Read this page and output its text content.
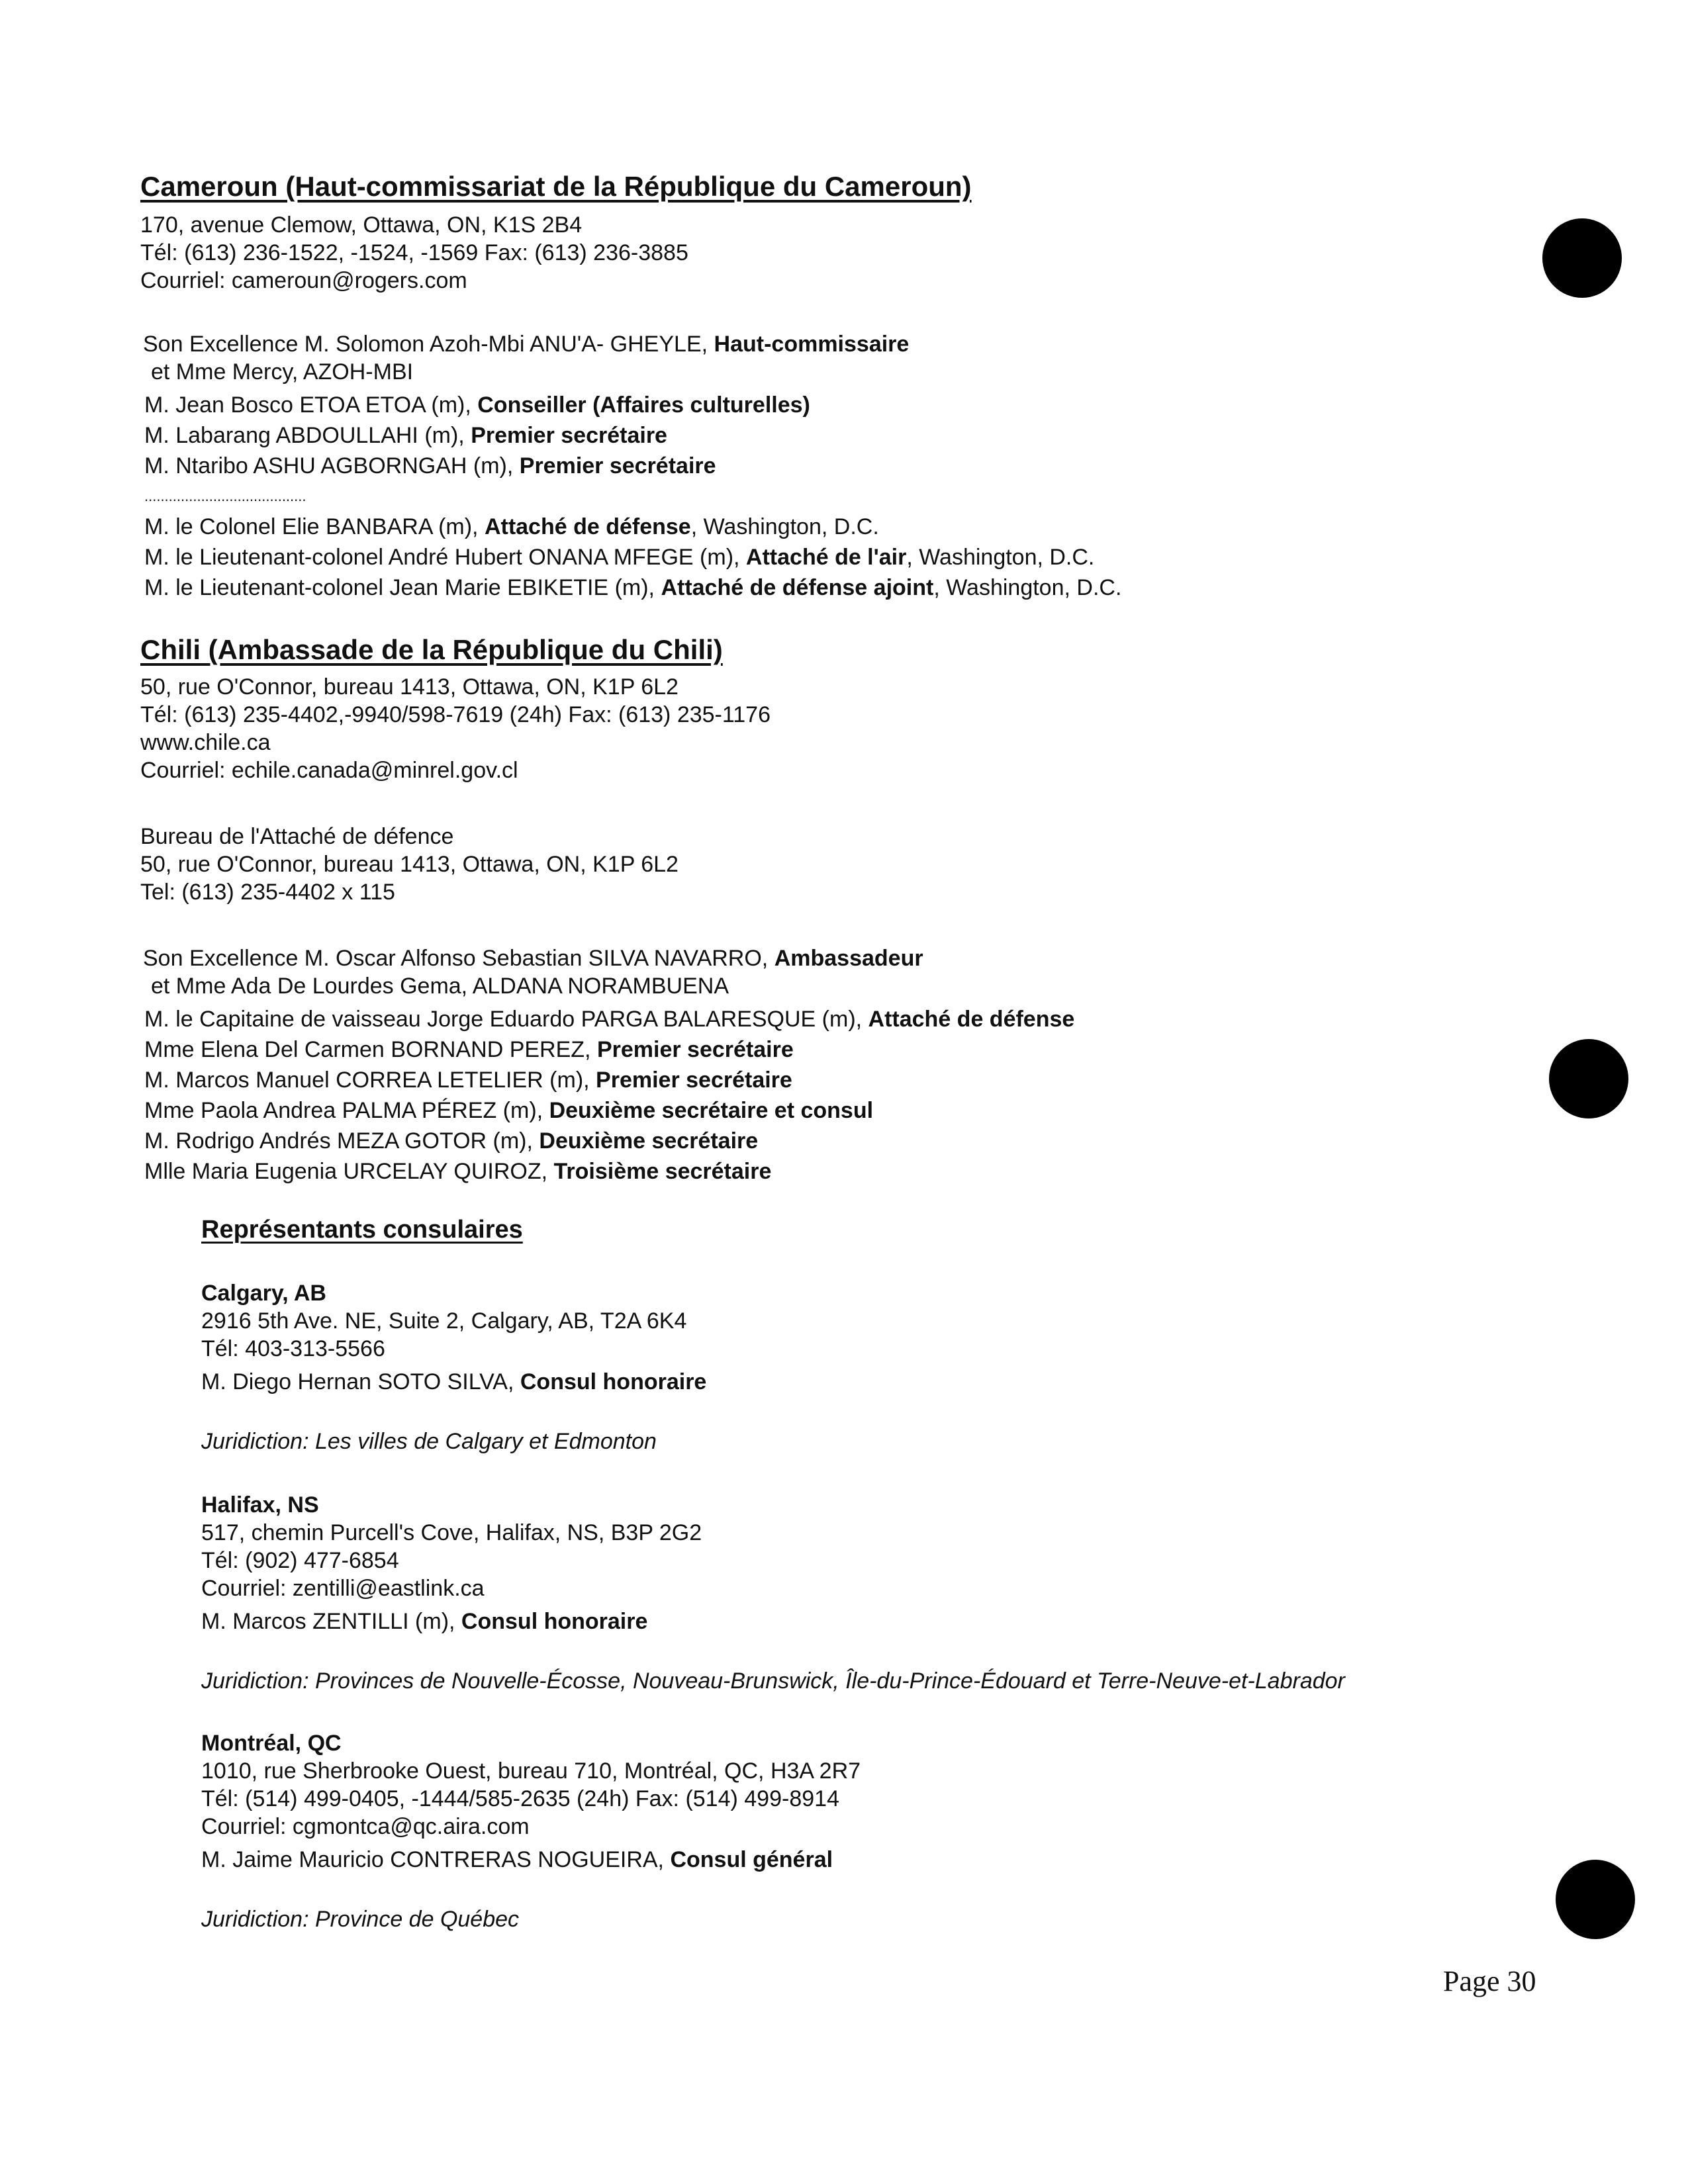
Cameroun (Haut-commissariat de la République du Cameroun)
170, avenue Clemow, Ottawa, ON, K1S 2B4
Tél: (613) 236-1522, -1524, -1569 Fax: (613) 236-3885
Courriel: cameroun@rogers.com
Son Excellence M. Solomon Azoh-Mbi ANU'A- GHEYLE, Haut-commissaire
et Mme Mercy, AZOH-MBI
M. Jean Bosco ETOA ETOA (m), Conseiller (Affaires culturelles)
M. Labarang ABDOULLAHI (m), Premier secrétaire
M. Ntaribo ASHU AGBORNGAH (m), Premier secrétaire
........................................
M. le Colonel Elie BANBARA (m), Attaché de défense, Washington, D.C.
M. le Lieutenant-colonel André Hubert ONANA MFEGE (m), Attaché de l'air, Washington, D.C.
M. le Lieutenant-colonel Jean Marie EBIKETIE (m), Attaché de défense ajoint, Washington, D.C.
Chili (Ambassade de la République du Chili)
50, rue O'Connor, bureau 1413, Ottawa, ON, K1P 6L2
Tél: (613) 235-4402,-9940/598-7619 (24h) Fax: (613) 235-1176
www.chile.ca
Courriel: echile.canada@minrel.gov.cl
Bureau de l'Attaché de défence
50, rue O'Connor, bureau 1413, Ottawa, ON, K1P 6L2
Tel: (613) 235-4402 x 115
Son Excellence M. Oscar Alfonso Sebastian SILVA NAVARRO, Ambassadeur
et Mme Ada De Lourdes Gema, ALDANA NORAMBUENA
M. le Capitaine de vaisseau Jorge Eduardo PARGA BALARESQUE (m), Attaché de défense
Mme Elena Del Carmen BORNAND PEREZ, Premier secrétaire
M. Marcos Manuel CORREA LETELIER (m), Premier secrétaire
Mme Paola Andrea PALMA PÉREZ (m), Deuxième secrétaire et consul
M. Rodrigo Andrés MEZA GOTOR (m), Deuxième secrétaire
Mlle Maria Eugenia URCELAY QUIROZ, Troisième secrétaire
Représentants consulaires
Calgary, AB
2916 5th Ave. NE, Suite 2, Calgary, AB, T2A 6K4
Tél: 403-313-5566
M. Diego Hernan SOTO SILVA, Consul honoraire
Juridiction: Les villes de Calgary et Edmonton
Halifax, NS
517, chemin Purcell's Cove, Halifax, NS, B3P 2G2
Tél: (902) 477-6854
Courriel: zentilli@eastlink.ca
M. Marcos ZENTILLI (m), Consul honoraire
Juridiction: Provinces de Nouvelle-Écosse, Nouveau-Brunswick, Île-du-Prince-Édouard et Terre-Neuve-et-Labrador
Montréal, QC
1010, rue Sherbrooke Ouest, bureau 710, Montréal, QC, H3A 2R7
Tél: (514) 499-0405, -1444/585-2635 (24h) Fax: (514) 499-8914
Courriel: cgmontca@qc.aira.com
M. Jaime Mauricio CONTRERAS NOGUEIRA, Consul général
Juridiction: Province de Québec
Page 30
